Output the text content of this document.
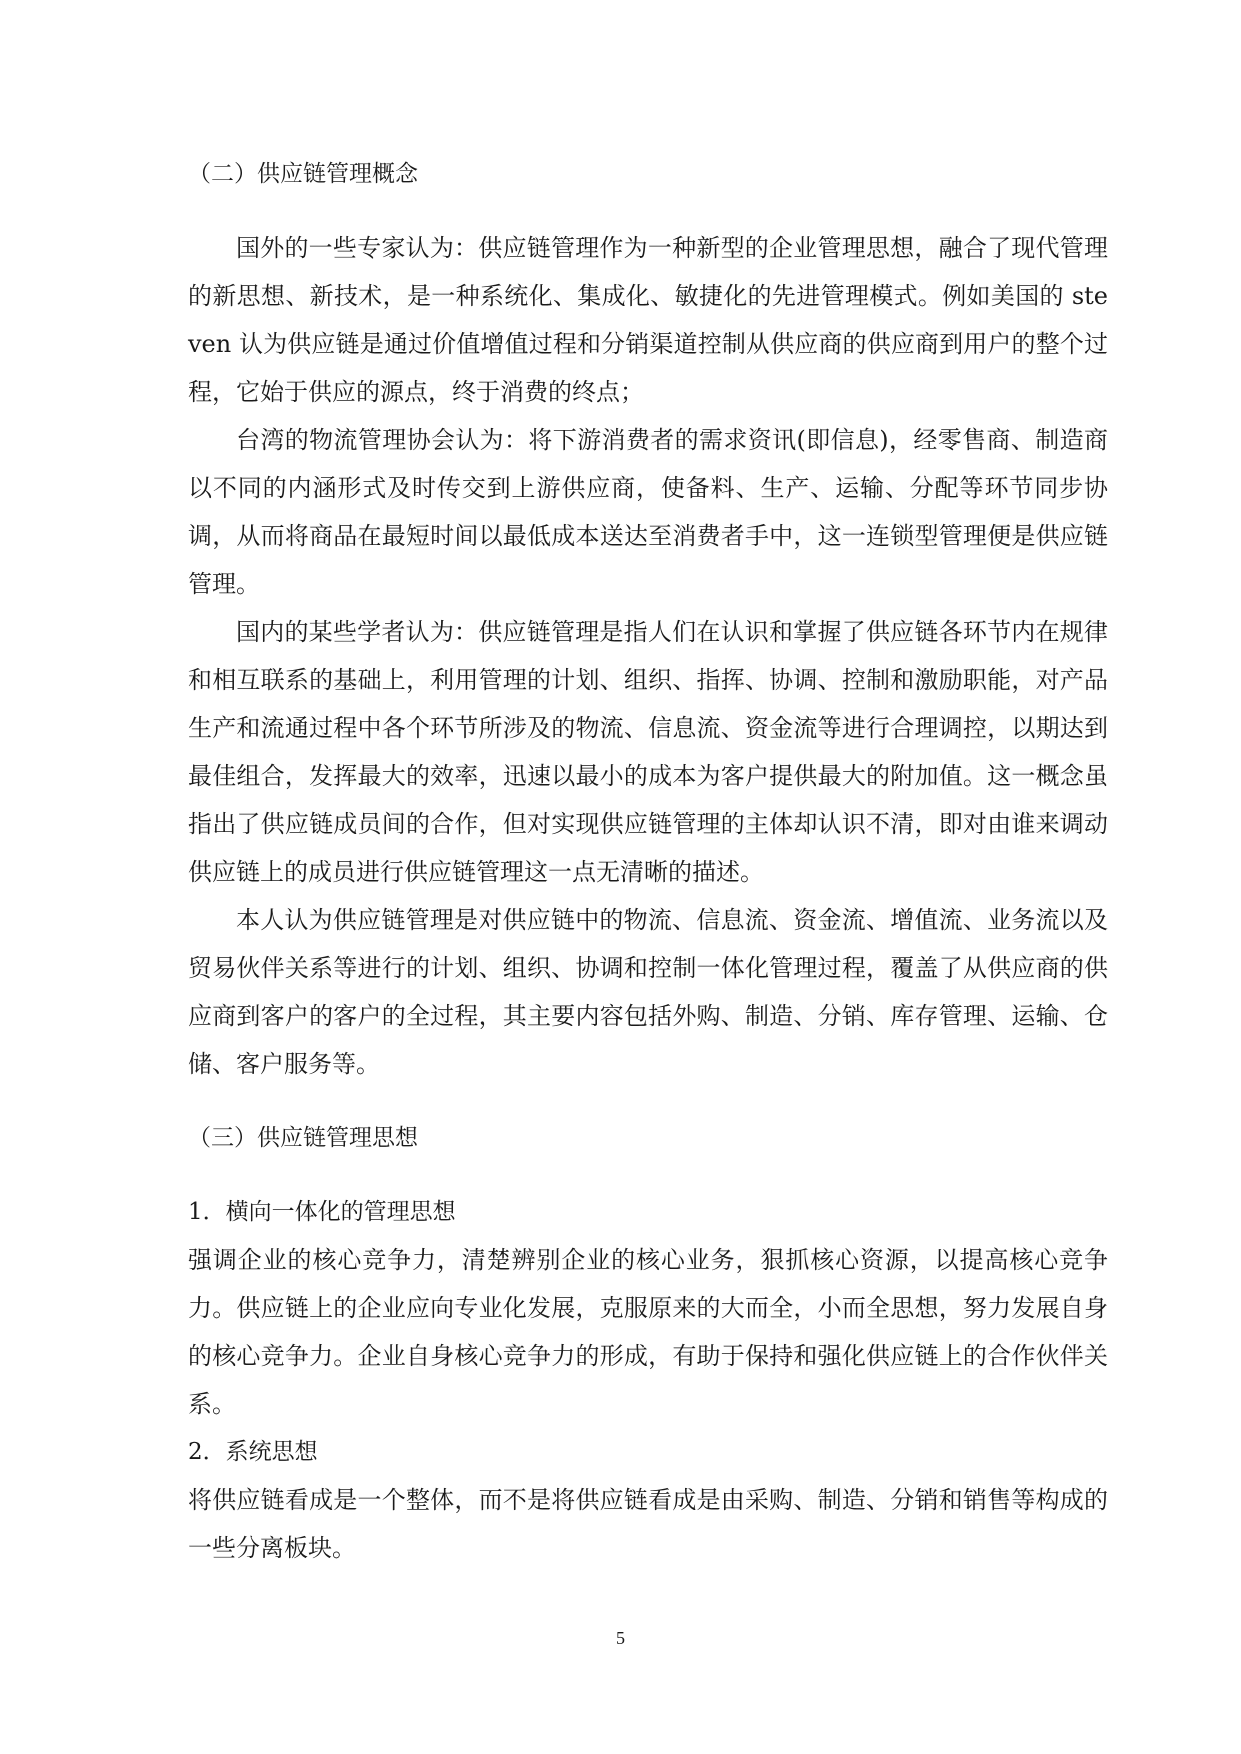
（二）供应链管理概念

国外的一些专家认为：供应链管理作为一种新型的企业管理思想，融合了现代管理的新思想、新技术，是一种系统化、集成化、敏捷化的先进管理模式。例如美国的 steven 认为供应链是通过价值增值过程和分销渠道控制从供应商的供应商到用户的整个过程，它始于供应的源点，终于消费的终点；

台湾的物流管理协会认为：将下游消费者的需求资讯(即信息)，经零售商、制造商以不同的内涵形式及时传交到上游供应商，使备料、生产、运输、分配等环节同步协调，从而将商品在最短时间以最低成本送达至消费者手中，这一连锁型管理便是供应链管理。

国内的某些学者认为：供应链管理是指人们在认识和掌握了供应链各环节内在规律和相互联系的基础上，利用管理的计划、组织、指挥、协调、控制和激励职能，对产品生产和流通过程中各个环节所涉及的物流、信息流、资金流等进行合理调控，以期达到最佳组合，发挥最大的效率，迅速以最小的成本为客户提供最大的附加值。这一概念虽指出了供应链成员间的合作，但对实现供应链管理的主体却认识不清，即对由谁来调动供应链上的成员进行供应链管理这一点无清晰的描述。

本人认为供应链管理是对供应链中的物流、信息流、资金流、增值流、业务流以及贸易伙伴关系等进行的计划、组织、协调和控制一体化管理过程，覆盖了从供应商的供应商到客户的客户的全过程，其主要内容包括外购、制造、分销、库存管理、运输、仓储、客户服务等。

（三）供应链管理思想

1．横向一体化的管理思想

强调企业的核心竞争力，清楚辨别企业的核心业务，狠抓核心资源，以提高核心竞争力。供应链上的企业应向专业化发展，克服原来的大而全，小而全思想，努力发展自身的核心竞争力。企业自身核心竞争力的形成，有助于保持和强化供应链上的合作伙伴关系。

2．系统思想

将供应链看成是一个整体，而不是将供应链看成是由采购、制造、分销和销售等构成的一些分离板块。

5
